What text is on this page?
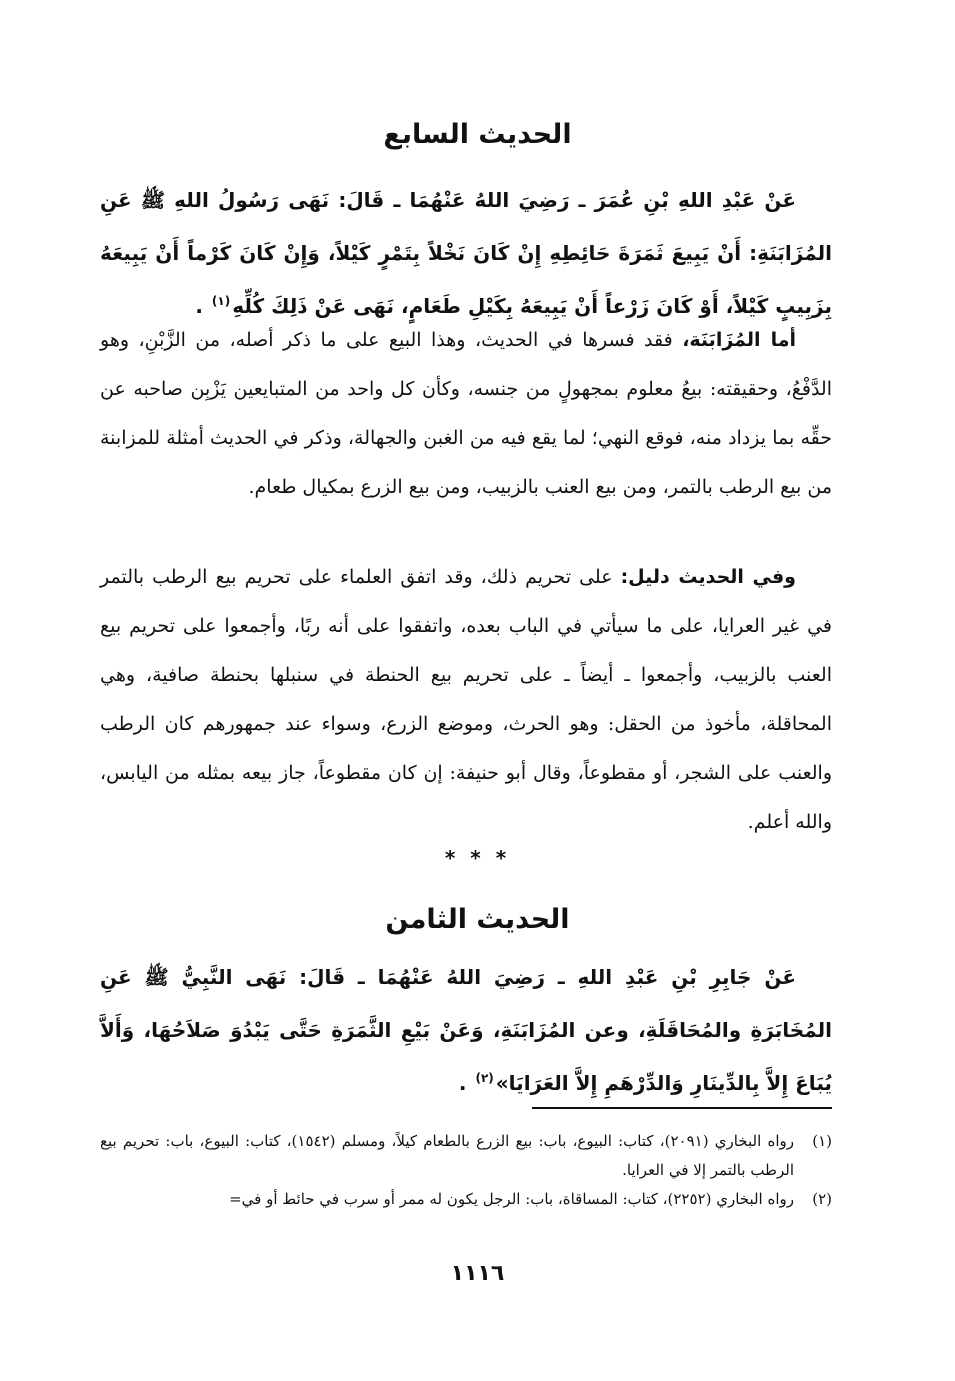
الحديث السابع
عَنْ عَبْدِ اللهِ بْنِ عُمَرَ ـ رَضِيَ اللهُ عَنْهُمَا ـ قَالَ: نَهَى رَسُولُ اللهِ ﷺ عَنِ المُزَابَنَةِ: أَنْ يَبِيعَ ثَمَرَةَ حَائِطِهِ إِنْ كَانَ نَخْلاً بِتَمْرٍ كَيْلاً، وَإِنْ كَانَ كَرْماً أَنْ يَبِيعَهُ بِزَبِيبٍ كَيْلاً، أَوْ كَانَ زَرْعاً أَنْ يَبِيعَهُ بِكَيْلِ طَعَامٍ، نَهَى عَنْ ذَلِكَ كُلِّهِ$^{(١)}$ .
أما المُزَابَنَة، فقد فسرها في الحديث، وهذا البيع على ما ذكر أصله، من الزَّبْنِ، وهو الدَّفْعُ، وحقيقته: بيعُ معلوم بمجهولٍ من جنسه، وكأن كل واحد من المتبايعين يَزْبِن صاحبه عن حقِّه بما يزداد منه، فوقع النهي؛ لما يقع فيه من الغبن والجهالة، وذكر في الحديث أمثلة للمزابنة من بيع الرطب بالتمر، ومن بيع العنب بالزبيب، ومن بيع الزرع بمكيال طعام.
وفي الحديث دليل: على تحريم ذلك، وقد اتفق العلماء على تحريم بيع الرطب بالتمر في غير العرايا، على ما سيأتي في الباب بعده، واتفقوا على أنه ربًا، وأجمعوا على تحريم بيع العنب بالزبيب، وأجمعوا ـ أيضاً ـ على تحريم بيع الحنطة في سنبلها بحنطة صافية، وهي المحاقلة، مأخوذ من الحقل: وهو الحرث، وموضع الزرع، وسواء عند جمهورهم كان الرطب والعنب على الشجر، أو مقطوعاً، وقال أبو حنيفة: إن كان مقطوعاً، جاز بيعه بمثله من اليابس، والله أعلم.
* * *
الحديث الثامن
عَنْ جَابِرِ بْنِ عَبْدِ اللهِ ـ رَضِيَ اللهُ عَنْهُمَا ـ قَالَ: نَهَى النَّبِيُّ ﷺ عَنِ المُخَابَرَةِ والمُحَاقَلَةِ، وعن المُزَابَنَةِ، وَعَنْ بَيْعِ الثَّمَرَةِ حَتَّى يَبْدُوَ صَلاَحُهَا، وَأَلاَّ يُبَاعَ إِلاَّ بِالدِّينَارِ وَالدِّرْهَمِ إِلاَّ العَرَايَا»$^{(٢)}$ .
(١)
رواه البخاري (٢٠٩١)، كتاب: البيوع، باب: بيع الزرع بالطعام كيلاً، ومسلم (١٥٤٢)، كتاب: البيوع، باب: تحريم بيع الرطب بالتمر إلا في العرايا.
(٢)
رواه البخاري (٢٢٥٢)، كتاب: المساقاة، باب: الرجل يكون له ممر أو سرب في حائط أو في=
١١١٦
